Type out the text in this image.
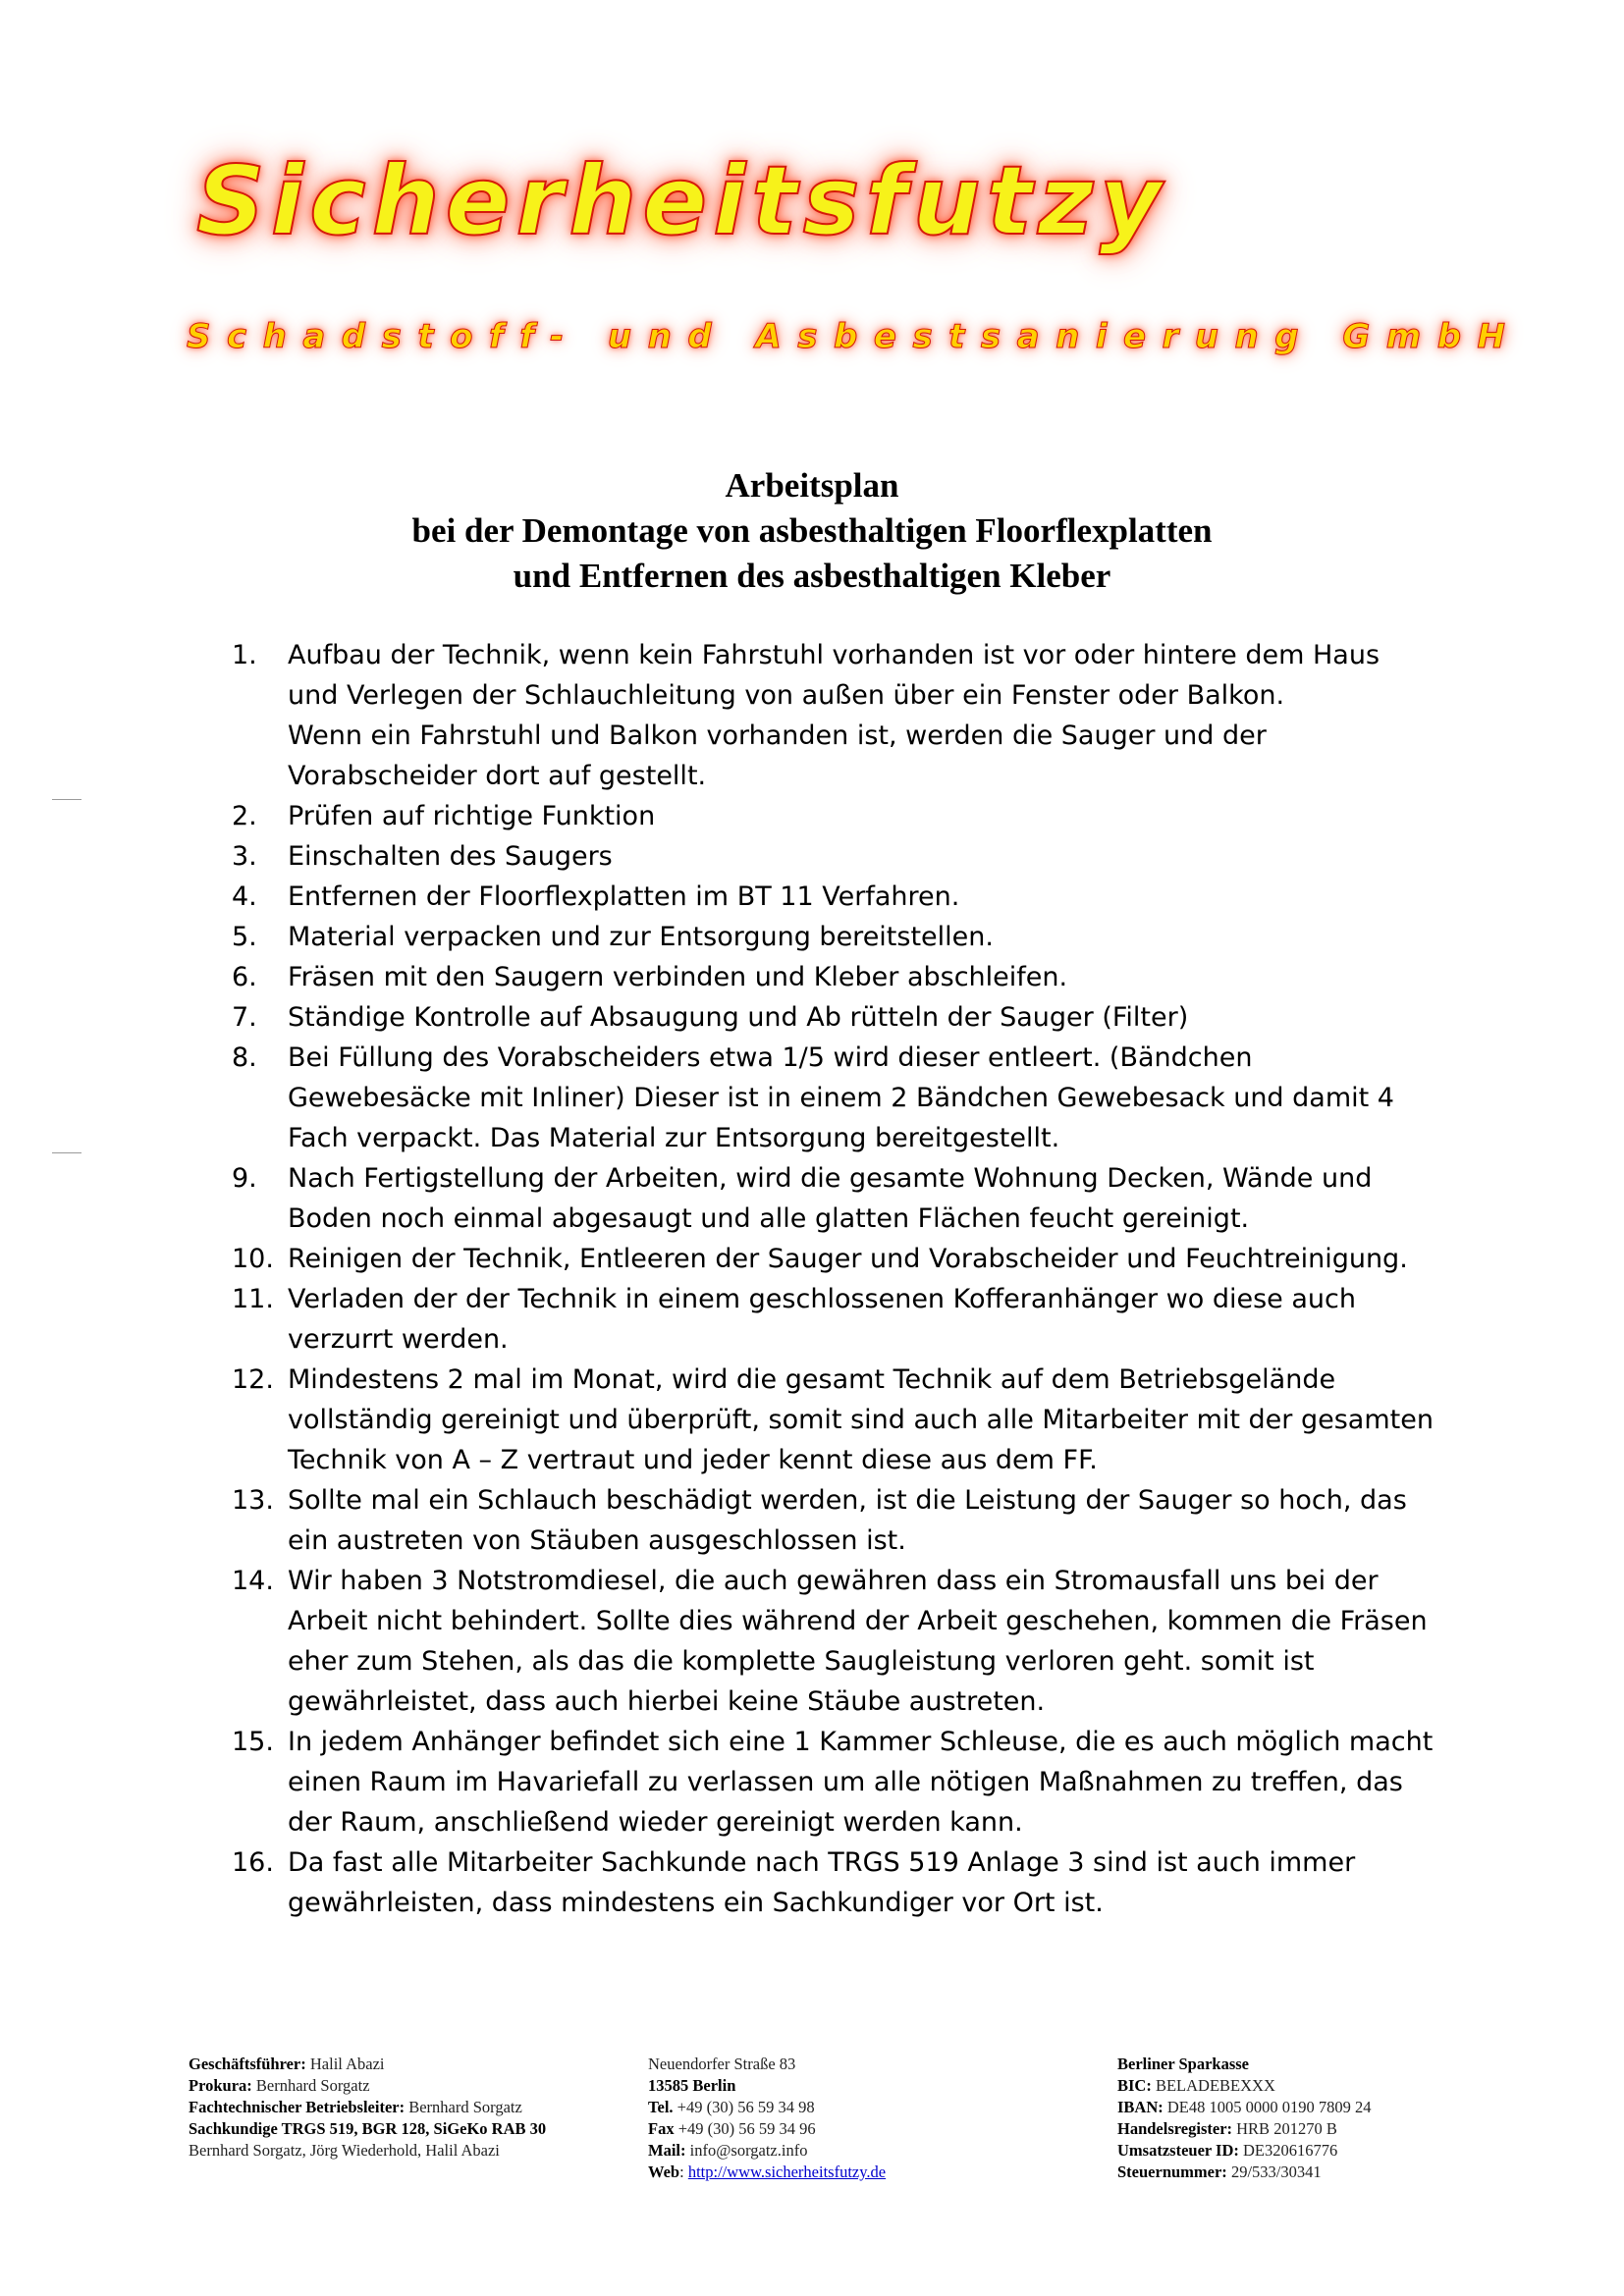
Sicherheitsfutzy
Schadstoff- und Asbestsanierung GmbH
Arbeitsplan
bei der Demontage von asbesthaltigen Floorflexplatten
und Entfernen des asbesthaltigen Kleber
1.	Aufbau der Technik, wenn kein Fahrstuhl vorhanden ist vor oder hintere dem Haus
und Verlegen der Schlauchleitung von außen über ein Fenster oder Balkon.
Wenn ein Fahrstuhl und Balkon vorhanden ist, werden die Sauger und der
Vorabscheider dort auf gestellt.
2.	Prüfen auf richtige Funktion
3.	Einschalten des Saugers
4.	Entfernen der Floorflexplatten im BT 11 Verfahren.
5.	Material verpacken und zur Entsorgung bereitstellen.
6.	Fräsen mit den Saugern verbinden und Kleber abschleifen.
7.	Ständige Kontrolle auf Absaugung und Ab rütteln der Sauger (Filter)
8.	Bei Füllung des Vorabscheiders etwa 1/5 wird dieser entleert. (Bändchen
Gewebesäcke mit Inliner) Dieser ist in einem 2 Bändchen Gewebesack und damit 4
Fach verpackt. Das Material zur Entsorgung bereitgestellt.
9.	Nach Fertigstellung der Arbeiten, wird die gesamte Wohnung Decken, Wände und
Boden noch einmal abgesaugt und alle glatten Flächen feucht gereinigt.
10. Reinigen der Technik, Entleeren der Sauger und Vorabscheider und Feuchtreinigung.
11. Verladen der der Technik in einem geschlossenen Kofferanhänger wo diese auch
verzurrt werden.
12. Mindestens 2 mal im Monat, wird die gesamt Technik auf dem Betriebsgelände
vollständig gereinigt und überprüft, somit sind auch alle Mitarbeiter mit der gesamten
Technik von A – Z vertraut und jeder kennt diese aus dem FF.
13. Sollte mal ein Schlauch beschädigt werden, ist die Leistung der Sauger so hoch, das
ein austreten von Stäuben ausgeschlossen ist.
14. Wir haben 3 Notstromdiesel, die auch gewähren dass ein Stromausfall uns bei der
Arbeit nicht behindert. Sollte dies während der Arbeit geschehen, kommen die Fräsen
eher zum Stehen, als das die komplette Saugleistung verloren geht. somit ist
gewährleistet, dass auch hierbei keine Stäube austreten.
15. In jedem Anhänger befindet sich eine 1 Kammer Schleuse, die es auch möglich macht
einen Raum im Havariefall zu verlassen um alle nötigen Maßnahmen zu treffen, das
der Raum, anschließend wieder gereinigt werden kann.
16. Da fast alle Mitarbeiter Sachkunde nach TRGS 519 Anlage 3 sind ist auch immer
gewährleisten, dass mindestens ein Sachkundiger vor Ort ist.
Geschäftsführer: Halil Abazi
Prokura: Bernhard Sorgatz
Fachtechnischer Betriebsleiter: Bernhard Sorgatz
Sachkundige TRGS 519, BGR 128, SiGeKo RAB 30
Bernhard Sorgatz, Jörg Wiederhold, Halil Abazi
Neuendorfer Straße 83
13585 Berlin
Tel. +49 (30) 56 59 34 98
Fax +49 (30) 56 59 34 96
Mail: info@sorgatz.info
Web: http://www.sicherheitsfutzy.de
Berliner Sparkasse
BIC: BELADEBEXXX
IBAN: DE48 1005 0000 0190 7809 24
Handelsregister: HRB 201270 B
Umsatzsteuer ID: DE320616776
Steuernummer: 29/533/30341
